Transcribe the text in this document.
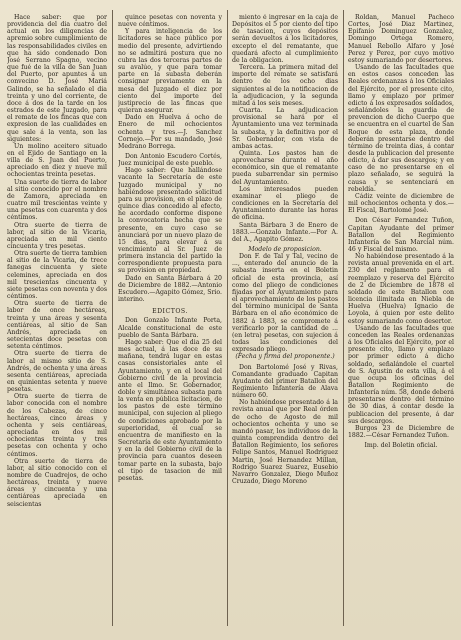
Hace saber: que por providencia del dia cuatro del actual en los diligencias de apremio sobre cumplimiento de las responsabilidades civiles en que ha sido condenado Don José Serrano Spagno, vecino que fué de la villa de San Juan del Puerto, por apuntes á un convecino D. José Mariá Galindo, se ha señalado el dia treinta y uno del corriente, de doce á dos de la tarde en los estrados de este Juzgado, para el remate de los fincas que con expresion de las cualidades en que sale á la venta, son las siguientes:

Un molino aceitero situado en el Ejido de Santiago en la villa de S. Juan del Puerto, apreciado en diez y nueve mil ochocientas treinta pesetas.

Una suerte de tierra de labor al sitio conocido por el nombre de Zamora, apreciada en cuatro mil trescientas veinte y una pesetas con cuarenta y dos céntimos.

Otra suerte de tierra de labor, al sitio de la Vicaria, apreciada en mil ciento cincuenta y tres pesetas.

Otra suerte de tierra tambien al sitio de la Vicaria, de trece fanegas cincuenta y siete celemines, apreciada en dos mil trescientas cincuenta y siete pesetas con noventa y dos céntimos.

Otra suerte de tierra de labor de once hectáreas, treinta y una áreas y sesenta centiáreas, al sitio de San Andrés, apreciada en setecientas doce pesetas con setenta céntimos.

Otra suerte de tierra de labor al mismo sitio de S. Andrés, de ochenta y una áreas sesenta centiáreas, apreciada en quinientas setenta y nueve pesetas.

Otra suerte de tierra de labor conocida con el nombre de los Cabezas, de cinco hectáreas, cinco áreas y ochenta y seis centiáreas, apreciada en dos mil ochocientas treinta y tres pesetas con ochenta y ocho céntimos.

Otra suerte de tierra de labor, al sitio conocido con el nombre de Cuadrejos, de ocho hectáreas, treinta y nueve áreas y cincuenta y una centiáreas apreciada en seiscientas

quince pesetas con noventa y nueve céntimos.

Y para inteligencia de los licitadores se hace público por medio del presente, advirtiendo no se admitirá postura que no cubra las dos terceras partes de su avalúo, y que para tomar parte en la subasta deberán consignar previamente en la mesa del Juzgado el diez por ciento del importe del justiprecio de las fincas que quieran asegurar.

Dado en Huelva á ocho de Enero de mil ochocientos ochenta y tres.—J. Sanchez Cornejo.—Por su mandado, José Medrano Borrega.

Don Antonio Escudero Cortés, Juez municipal de este pueblo.

Hago saber: Que hallándose vacante la Secretaría de este Juzgado municipal y no habiéndose presentado solicitud para su provision, en el plazo de quince dias concedido al efecto, he acordado conforme dispone la convocatoria hecha que se presente, en cuyo caso se anunciará por un nuevo plazo de 15 dias, para elevar á su vencimiento al Sr. Juez de primera instancia del partido la correspondiente propuesta para su provision en propiedad.

Dado en Santa Bárbara á 20 de Diciembre de 1882.—Antonio Escudero.—Agapito Gómez, Srio. interino.

EDICTOS.

Don Gonzalo Infante Porta, Alcalde constitucional de este pueblo de Santa Bárbara.

Hago saber: Que el dia 25 del mes actual, á las doce de su mañana, tendrá lugar en estas casas consistoriales ante el Ayuntamiento, y en el local del Gobierno civil de la provincia ante el Ilmo. Sr. Gobernador, doble y simultánea subasta para la venta en pública licitacion, de los pastos de este término municipal, con sujecion al pliego de condiciones aprobado por la superioridad, el cual se encuentra de manifiesto en la Secretaría de este Ayuntamiento y en la del Gobierno civil de la provincia para cuantos deseen tomar parte en la subasta, bajo el tipo de tasacion de mil pesetas.

miento é ingresar en la caja de Depósitos el 5 por ciento del tipo de tasacion, cuyos depósitos serán devueltos á los licitadores, excepto el del rematante, que quedará afecto al cumplimiento de la obligacion.

Tercera. La primera mitad del importe del remate se satisfará dentro de los ocho dias siguientes al de la notificacion de la adjudicacion, y la segunda mitad á los seis meses.

Cuarta. La adjudicacion provisional se hará por el Ayuntamiento una vez terminada la subasta, y la definitiva por el Sr. Gobernador, con vista de ambas actas.

Quinta. Los pastos han de aprovecharse durante el año económico, sin que el rematante pueda subarrendar sin permiso del Ayuntamiento.

Los interesados pueden examinar el pliego de condiciones en la Secretaría del Ayuntamiento durante las horas de oficina.

Santa Bárbara 3 de Enero de 1883.—Gonzalo Infante.—Por A. del A., Agapito Gómez.

Modelo de proposicion.

Don F. de Tal y Tal, vecino de ..., enterado del anuncio de la subasta inserta en el Boletin oficial de esta provincia, así como del pliego de condiciones fijadas por el Ayuntamiento para el aprovechamiento de los pastos del término municipal de Santa Bárbara en el año económico de 1882 á 1883, se compromete á verificarlo por la cantidad de ... (en letra) pesetas, con sujecion á todas las condiciones del expresado pliego.

(Fecha y firma del proponente.)

Don Bartolomé José y Rivas, Comandante graduado Capitan Ayudante del primer Batallon del Regimiento Infantería de Alava número 60.

No habiéndose presentado á la revista anual que por Real órden de ocho de Agosto de mil ochocientos ochenta y uno se mandó pasar, los individuos de la quinta comprendida dentro del Batallon Regimiento, los señores Felipe Santos, Manuel Rodriguez Martin, José Hernandez Millan, Rodrigo Suarez Suarez, Eusebio Navarro Gonzalez, Diego Muñoz Cruzado, Diego Moreno

Roldan, Manuel Pacheco Cortes, José Diaz Martinez, Epifanio Dominguez Gonzalez, Domingo Ortega Romero, Manuel Rebollo Alfaro y José Perez y Perez, por cuyo motivo estoy sumariando por desertores.

Usando de las facultades que en estos casos conceden las Reales ordenanzas á los Oficiales del Ejército, por el presente cito, llamo y emplazo por primer edicto á los expresados soldados, señalándoles la guardia de prevencion de dicho Cuerpo que se encuentra en el cuartel de San Roque de esta plaza, donde deberán presentarse dentro del término de treinta dias, á contar desde la publicacion del presente edicto, á dar sus descargos; y en caso de no presentarse en el plazo señalado, se seguirá la causa y se sentenciará en rebeldía.

Cádiz veinte de diciembre de mil ochocientos ochenta y dos.—El Fiscal, Bartolomé José.

Don César Fernandez Tuñon, Capitan Ayudante del primer Batallon del Regimiento Infantería de San Marcial núm. 46 y Fiscal del mismo.

No habiéndose presentado á la revista anual prevenida en el art. 230 del reglamento para el reemplazo y reserva del Ejército de 2 de Diciembre de 1878 el soldado de este Batallon con licencia ilimitada en Niebla de Huelva (Huelva) Ignacio de Loyola, á quien por este delito estoy sumariando como desertor.

Usando de las facultades que conceden las Reales ordenanzas á los Oficiales del Ejército, por el presente cito, llamo y emplazo por primer edicto á dicho soldado, señalándole el cuartel de S. Agustin de esta villa, á el que ocupa los oficinas del Batallon Regimiento de Infantería núm. 58, donde deberá presentarse dentro del término de 30 dias, á contar desde la publicacion del presente, á dar sus descargos.

Burgos 23 de Diciembre de 1882.—César Fernandez Tuñon.

Imp. del Boletin oficial.
